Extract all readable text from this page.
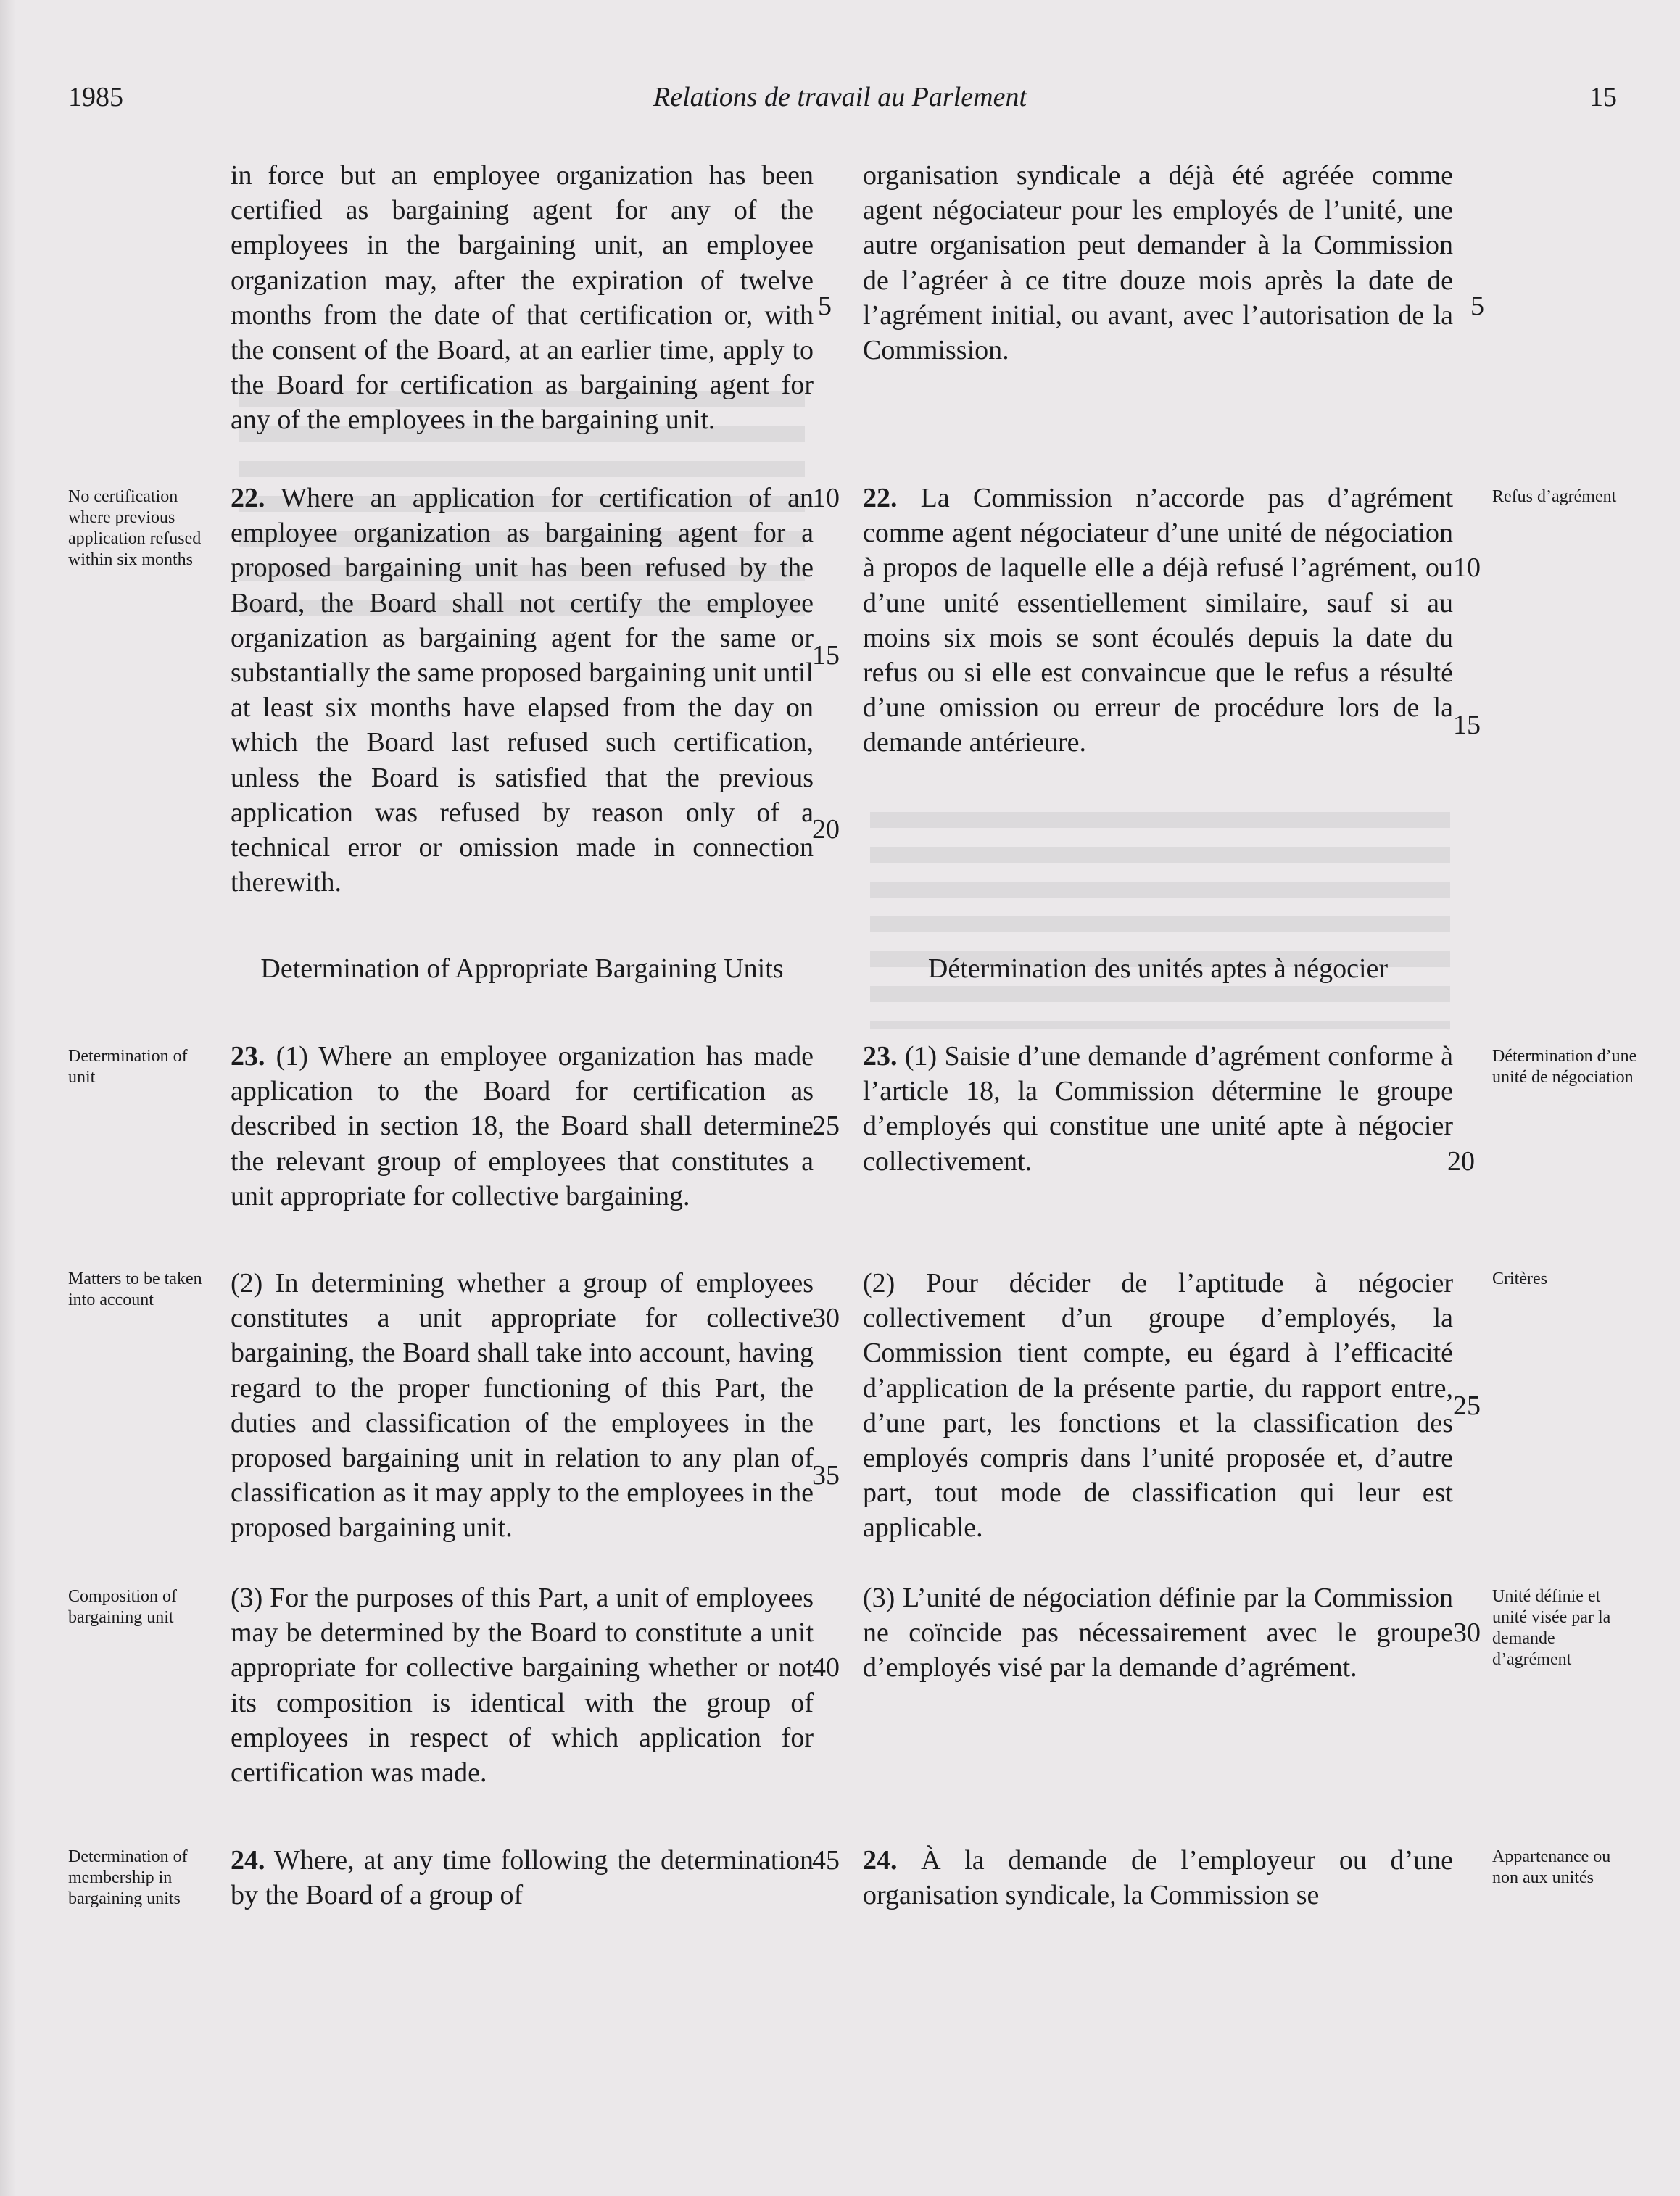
1985	Relations de travail au Parlement	15

in force but an employee organization has been certified as bargaining agent for any of the employees in the bargaining unit, an employee organization may, after the expiration of twelve months from the date of that certification or, with the consent of the Board, at an earlier time, apply to the Board for certification as bargaining agent for any of the employees in the bargaining unit.

22. Where an application for certification of an employee organization as bargaining agent for a proposed bargaining unit has been refused by the Board, the Board shall not certify the employee organization as bargaining agent for the same or substantially the same proposed bargaining unit until at least six months have elapsed from the day on which the Board last refused such certification, unless the Board is satisfied that the previous application was refused by reason only of a technical error or omission made in connection therewith.

Determination of Appropriate Bargaining Units

23. (1) Where an employee organization has made application to the Board for certification as described in section 18, the Board shall determine the relevant group of employees that constitutes a unit appropriate for collective bargaining.

(2) In determining whether a group of employees constitutes a unit appropriate for collective bargaining, the Board shall take into account, having regard to the proper functioning of this Part, the duties and classification of the employees in the proposed bargaining unit in relation to any plan of classification as it may apply to the employees in the proposed bargaining unit.

(3) For the purposes of this Part, a unit of employees may be determined by the Board to constitute a unit appropriate for collective bargaining whether or not its composition is identical with the group of employees in respect of which application for certification was made.

24. Where, at any time following the determination by the Board of a group of

organisation syndicale a déjà été agréée comme agent négociateur pour les employés de l’unité, une autre organisation peut demander à la Commission de l’agréer à ce titre douze mois après la date de l’agrément initial, ou avant, avec l’autorisation de la Commission.

22. La Commission n’accorde pas d’agrément comme agent négociateur d’une unité de négociation à propos de laquelle elle a déjà refusé l’agrément, ou d’une unité essentiellement similaire, sauf si au moins six mois se sont écoulés depuis la date du refus ou si elle est convaincue que le refus a résulté d’une omission ou erreur de procédure lors de la demande antérieure.

Détermination des unités aptes à négocier

23. (1) Saisie d’une demande d’agrément conforme à l’article 18, la Commission détermine le groupe d’employés qui constitue une unité apte à négocier collectivement.

(2) Pour décider de l’aptitude à négocier collectivement d’un groupe d’employés, la Commission tient compte, eu égard à l’efficacité d’application de la présente partie, du rapport entre, d’une part, les fonctions et la classification des employés compris dans l’unité proposée et, d’autre part, tout mode de classification qui leur est applicable.

(3) L’unité de négociation définie par la Commission ne coïncide pas nécessairement avec le groupe d’employés visé par la demande d’agrément.

24. À la demande de l’employeur ou d’une organisation syndicale, la Commission se

No certification where previous application refused within six months
Determination of unit
Matters to be taken into account
Composition of bargaining unit
Determination of membership in bargaining units
Refus d’agrément
Détermination d’une unité de négociation
Critères
Unité définie et unité visée par la demande d’agrément
Appartenance ou non aux unités
5
10
15
20
25
30
35
40
45
5
10
15
20
25
30
